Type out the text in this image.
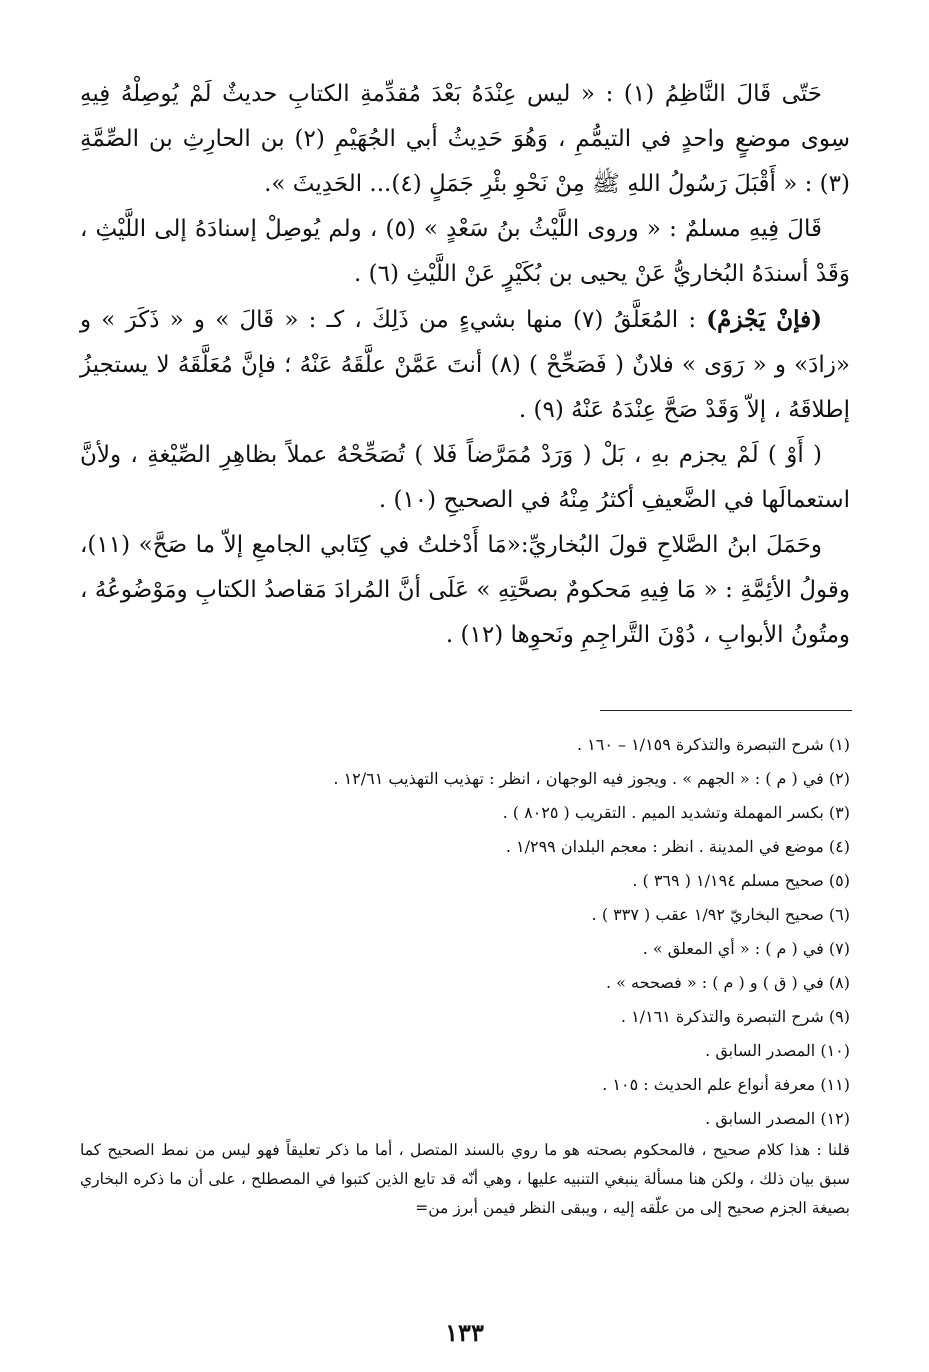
حَتّى قَالَ النَّاظِمُ (١) : « ليس عِنْدَهُ بَعْدَ مُقدِّمةِ الكتابِ حديثٌ لَمْ يُوصِلْهُ فِيهِ سِوى موضعٍ واحدٍ في التيمُّمِ ، وَهُوَ حَدِيثُ أبي الجُهَيْمِ (٢) بن الحارِثِ بن الصِّمَّةِ (٣) : « أَقْبَلَ رَسُولُ اللهِ ﷺ مِنْ نَحْوِ بئْرِ جَمَلٍ (٤)... الحَدِيثَ ».

قَالَ فِيهِ مسلمٌ : « وروى اللَّيْثُ بنُ سَعْدٍ » (٥) ، ولم يُوصِلْ إسنادَهُ إلى اللَّيْثِ ، وَقَدْ أسندَهُ البُخاريُّ عَنْ يحيى بن بُكَيْرٍ عَنْ اللَّيْثِ (٦) .

(فإنْ يَجْزمْ) : المُعَلَّقُ (٧) منها بشيءٍ من ذَلِكَ ، كـ : « قَالَ » و « ذَكَرَ » و «زادَ» و « رَوَى » فلانٌ ( فَصَحِّحْ ) (٨) أنتَ عَمَّنْ علَّقَهُ عَنْهُ ؛ فإنَّ مُعَلَّقَهُ لا يستجيزُ إطلاقَهُ ، إلاّ وَقَدْ صَحَّ عِنْدَهُ عَنْهُ (٩) .

( أَوْ ) لَمْ يجزم بهِ ، بَلْ ( وَرَدْ مُمَرَّضاً فَلا ) تُصَحِّحْهُ عملاً بظاهِرِ الصِّيْغةِ ، ولأنَّ استعمالَها في الضَّعيفِ أكثرُ مِنْهُ في الصحيحِ (١٠) .

وحَمَلَ ابنُ الصَّلاحِ قولَ البُخاريِّ:«مَا أَدْخلتُ في كِتَابي الجامعِ إلاّ ما صَحَّ» (١١)، وقولُ الأئِمَّةِ : « مَا فِيهِ مَحكومٌ بصحَّتِهِ » عَلَى أنَّ المُرادَ مَقاصدُ الكتابِ ومَوْضُوعُهُ ، ومتُونُ الأبوابِ ، دُوْنَ التَّراجِمِ ونَحوِها (١٢) .

(١) شرح التبصرة والتذكرة ١/١٥٩ – ١٦٠ .

(٢) في ( م ) : « الجهم » . ويجوز فيه الوجهان ، انظر : تهذيب التهذيب ١٢/٦١ .

(٣) بكسر المهملة وتشديد الميم . التقريب ( ٨٠٢٥ ) .

(٤) موضع في المدينة . انظر : معجم البلدان ١/٢٩٩ .

(٥) صحيح مسلم ١/١٩٤ ( ٣٦٩ ) .

(٦) صحيح البخاريّ ١/٩٢ عقب ( ٣٣٧ ) .

(٧) في ( م ) : « أي المعلق » .

(٨) في ( ق ) و ( م ) : « فصححه » .

(٩) شرح التبصرة والتذكرة ١/١٦١ .

(١٠) المصدر السابق .

(١١) معرفة أنواع علم الحديث : ١٠٥ .

(١٢) المصدر السابق .

قلنا : هذا كلام صحيح ، فالمحكوم بصحته هو ما روي بالسند المتصل ، أما ما ذكر تعليقاً فهو ليس من نمط الصحيح كما سبق بيان ذلك ، ولكن هنا مسألة ينبغي التنبيه عليها ، وهي أنّه قد تابع الذين كتبوا في المصطلح ، على أن ما ذكره البخاري بصيغة الجزم صحيح إلى من علّقه إليه ، ويبقى النظر فيمن أبرز من=

١٣٣
